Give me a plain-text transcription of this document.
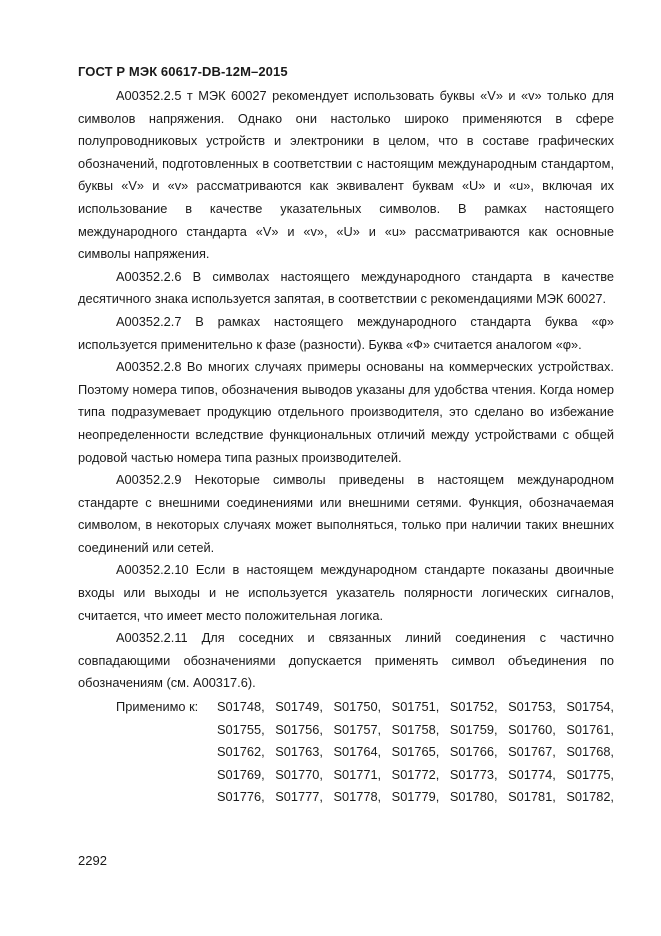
ГОСТ Р МЭК 60617-DB-12M–2015

А00352.2.5 т МЭК 60027 рекомендует использовать буквы «V» и «v» только для символов напряжения. Однако они настолько широко применяются в сфере полупроводниковых устройств и электроники в целом, что в составе графических обозначений, подготовленных в соответствии с настоящим международным стандартом, буквы «V» и «v» рассматриваются как эквивалент буквам «U» и «u», включая их использование в качестве указательных символов. В рамках настоящего международного стандарта «V» и «v», «U» и «u» рассматриваются как основные символы напряжения.

А00352.2.6 В символах настоящего международного стандарта в качестве десятичного знака используется запятая, в соответствии с рекомендациями МЭК 60027.

А00352.2.7 В рамках настоящего международного стандарта буква «φ» используется применительно к фазе (разности). Буква «Ф» считается аналогом «φ».

А00352.2.8 Во многих случаях примеры основаны на коммерческих устройствах. Поэтому номера типов, обозначения выводов указаны для удобства чтения. Когда номер типа подразумевает продукцию отдельного производителя, это сделано во избежание неопределенности вследствие функциональных отличий между устройствами с общей родовой частью номера типа разных производителей.

А00352.2.9 Некоторые символы приведены в настоящем международном стандарте с внешними соединениями или внешними сетями. Функция, обозначаемая символом, в некоторых случаях может выполняться, только при наличии таких внешних соединений или сетей.

А00352.2.10 Если в настоящем международном стандарте показаны двоичные входы или выходы и не используется указатель полярности логических сигналов, считается, что имеет место положительная логика.

А00352.2.11 Для соседних и связанных линий соединения с частично совпадающими обозначениями допускается применять символ объединения по обозначениям (см. А00317.6).

Применимо к: S01748, S01749, S01750, S01751, S01752, S01753, S01754,
S01755, S01756, S01757, S01758, S01759, S01760, S01761,
S01762, S01763, S01764, S01765, S01766, S01767, S01768,
S01769, S01770, S01771, S01772, S01773, S01774, S01775,
S01776, S01777, S01778, S01779, S01780, S01781, S01782,
2292
